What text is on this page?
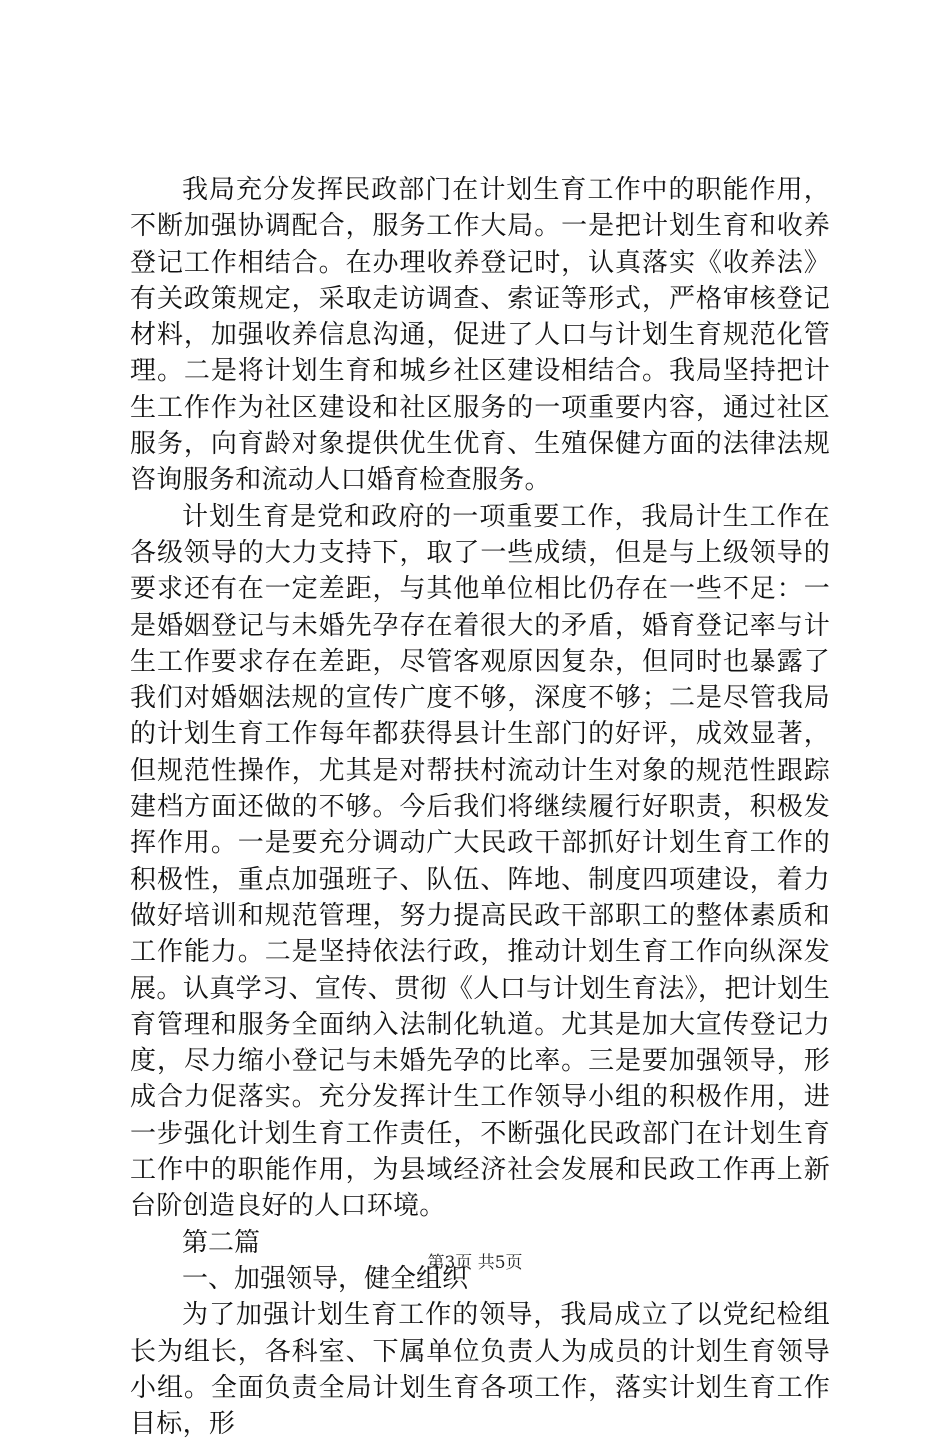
我局充分发挥民政部门在计划生育工作中的职能作用，不断加强协调配合，服务工作大局。一是把计划生育和收养登记工作相结合。在办理收养登记时，认真落实《收养法》有关政策规定，采取走访调查、索证等形式，严格审核登记材料，加强收养信息沟通，促进了人口与计划生育规范化管理。二是将计划生育和城乡社区建设相结合。我局坚持把计生工作作为社区建设和社区服务的一项重要内容，通过社区服务，向育龄对象提供优生优育、生殖保健方面的法律法规咨询服务和流动人口婚育检查服务。

计划生育是党和政府的一项重要工作，我局计生工作在各级领导的大力支持下，取了一些成绩，但是与上级领导的要求还有在一定差距，与其他单位相比仍存在一些不足：一是婚姻登记与未婚先孕存在着很大的矛盾，婚育登记率与计生工作要求存在差距，尽管客观原因复杂，但同时也暴露了我们对婚姻法规的宣传广度不够，深度不够；二是尽管我局的计划生育工作每年都获得县计生部门的好评，成效显著，但规范性操作，尤其是对帮扶村流动计生对象的规范性跟踪建档方面还做的不够。今后我们将继续履行好职责，积极发挥作用。一是要充分调动广大民政干部抓好计划生育工作的积极性，重点加强班子、队伍、阵地、制度四项建设，着力做好培训和规范管理，努力提高民政干部职工的整体素质和工作能力。二是坚持依法行政，推动计划生育工作向纵深发展。认真学习、宣传、贯彻《人口与计划生育法》，把计划生育管理和服务全面纳入法制化轨道。尤其是加大宣传登记力度，尽力缩小登记与未婚先孕的比率。三是要加强领导，形成合力促落实。充分发挥计生工作领导小组的积极作用，进一步强化计划生育工作责任，不断强化民政部门在计划生育工作中的职能作用，为县域经济社会发展和民政工作再上新台阶创造良好的人口环境。

第二篇

一、加强领导，健全组织

为了加强计划生育工作的领导，我局成立了以党纪检组长为组长，各科室、下属单位负责人为成员的计划生育领导小组。全面负责全局计划生育各项工作，落实计划生育工作目标，形

第3页 共5页
